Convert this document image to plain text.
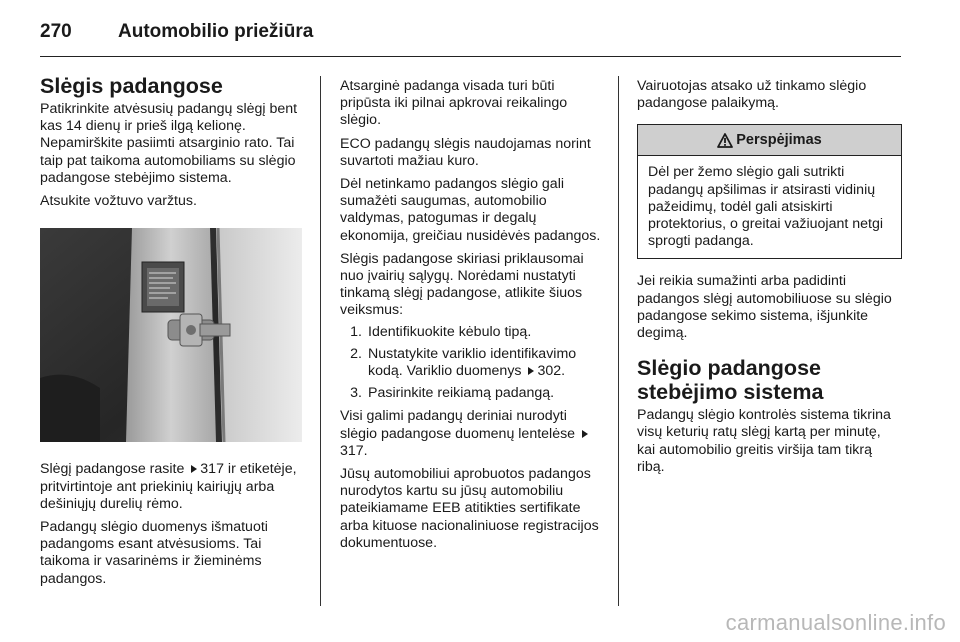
270	Automobilio priežiūra
Slėgis padangose

Patikrinkite atvėsusių padangų slėgį bent kas 14 dienų ir prieš ilgą kelionę. Nepamirškite pasiimti atsarginio rato. Tai taip pat taikoma automobiliams su slėgio padangose stebėjimo sistema.

Atsukite vožtuvo varžtus.

Slėgį padangose rasite 317 ir etiketėje, pritvirtintoje ant priekinių kairiųjų arba dešiniųjų durelių rėmo.

Padangų slėgio duomenys išmatuoti padangoms esant atvėsusioms. Tai taikoma ir vasarinėms ir žieminėms padangos.

Atsarginė padanga visada turi būti pripūsta iki pilnai apkrovai reikalingo slėgio.

ECO padangų slėgis naudojamas norint suvartoti mažiau kuro.

Dėl netinkamo padangos slėgio gali sumažėti saugumas, automobilio valdymas, patogumas ir degalų ekonomija, greičiau nusidėvės padangos.

Slėgis padangose skiriasi priklausomai nuo įvairių sąlygų. Norėdami nustatyti tinkamą slėgį padangose, atlikite šiuos veiksmus:

1. Identifikuokite kėbulo tipą.
2. Nustatykite variklio identifikavimo kodą. Variklio duomenys 302.
3. Pasirinkite reikiamą padangą.

Visi galimi padangų deriniai nurodyti slėgio padangose duomenų lentelėse 317.

Jūsų automobiliui aprobuotos padangos nurodytos kartu su jūsų automobiliu pateikiamame EEB atitikties sertifikate arba kituose nacionaliniuose registracijos dokumentuose.

Vairuotojas atsako už tinkamo slėgio padangose palaikymą.

Perspėjimas
Dėl per žemo slėgio gali sutrikti padangų apšilimas ir atsirasti vidinių pažeidimų, todėl gali atsiskirti protektorius, o greitai važiuojant netgi sprogti padanga.

Jei reikia sumažinti arba padidinti padangos slėgį automobiliuose su slėgio padangose sekimo sistema, išjunkite degimą.

Slėgio padangose stebėjimo sistema

Padangų slėgio kontrolės sistema tikrina visų keturių ratų slėgį kartą per minutę, kai automobilio greitis viršija tam tikrą ribą.

carmanualsonline.info
